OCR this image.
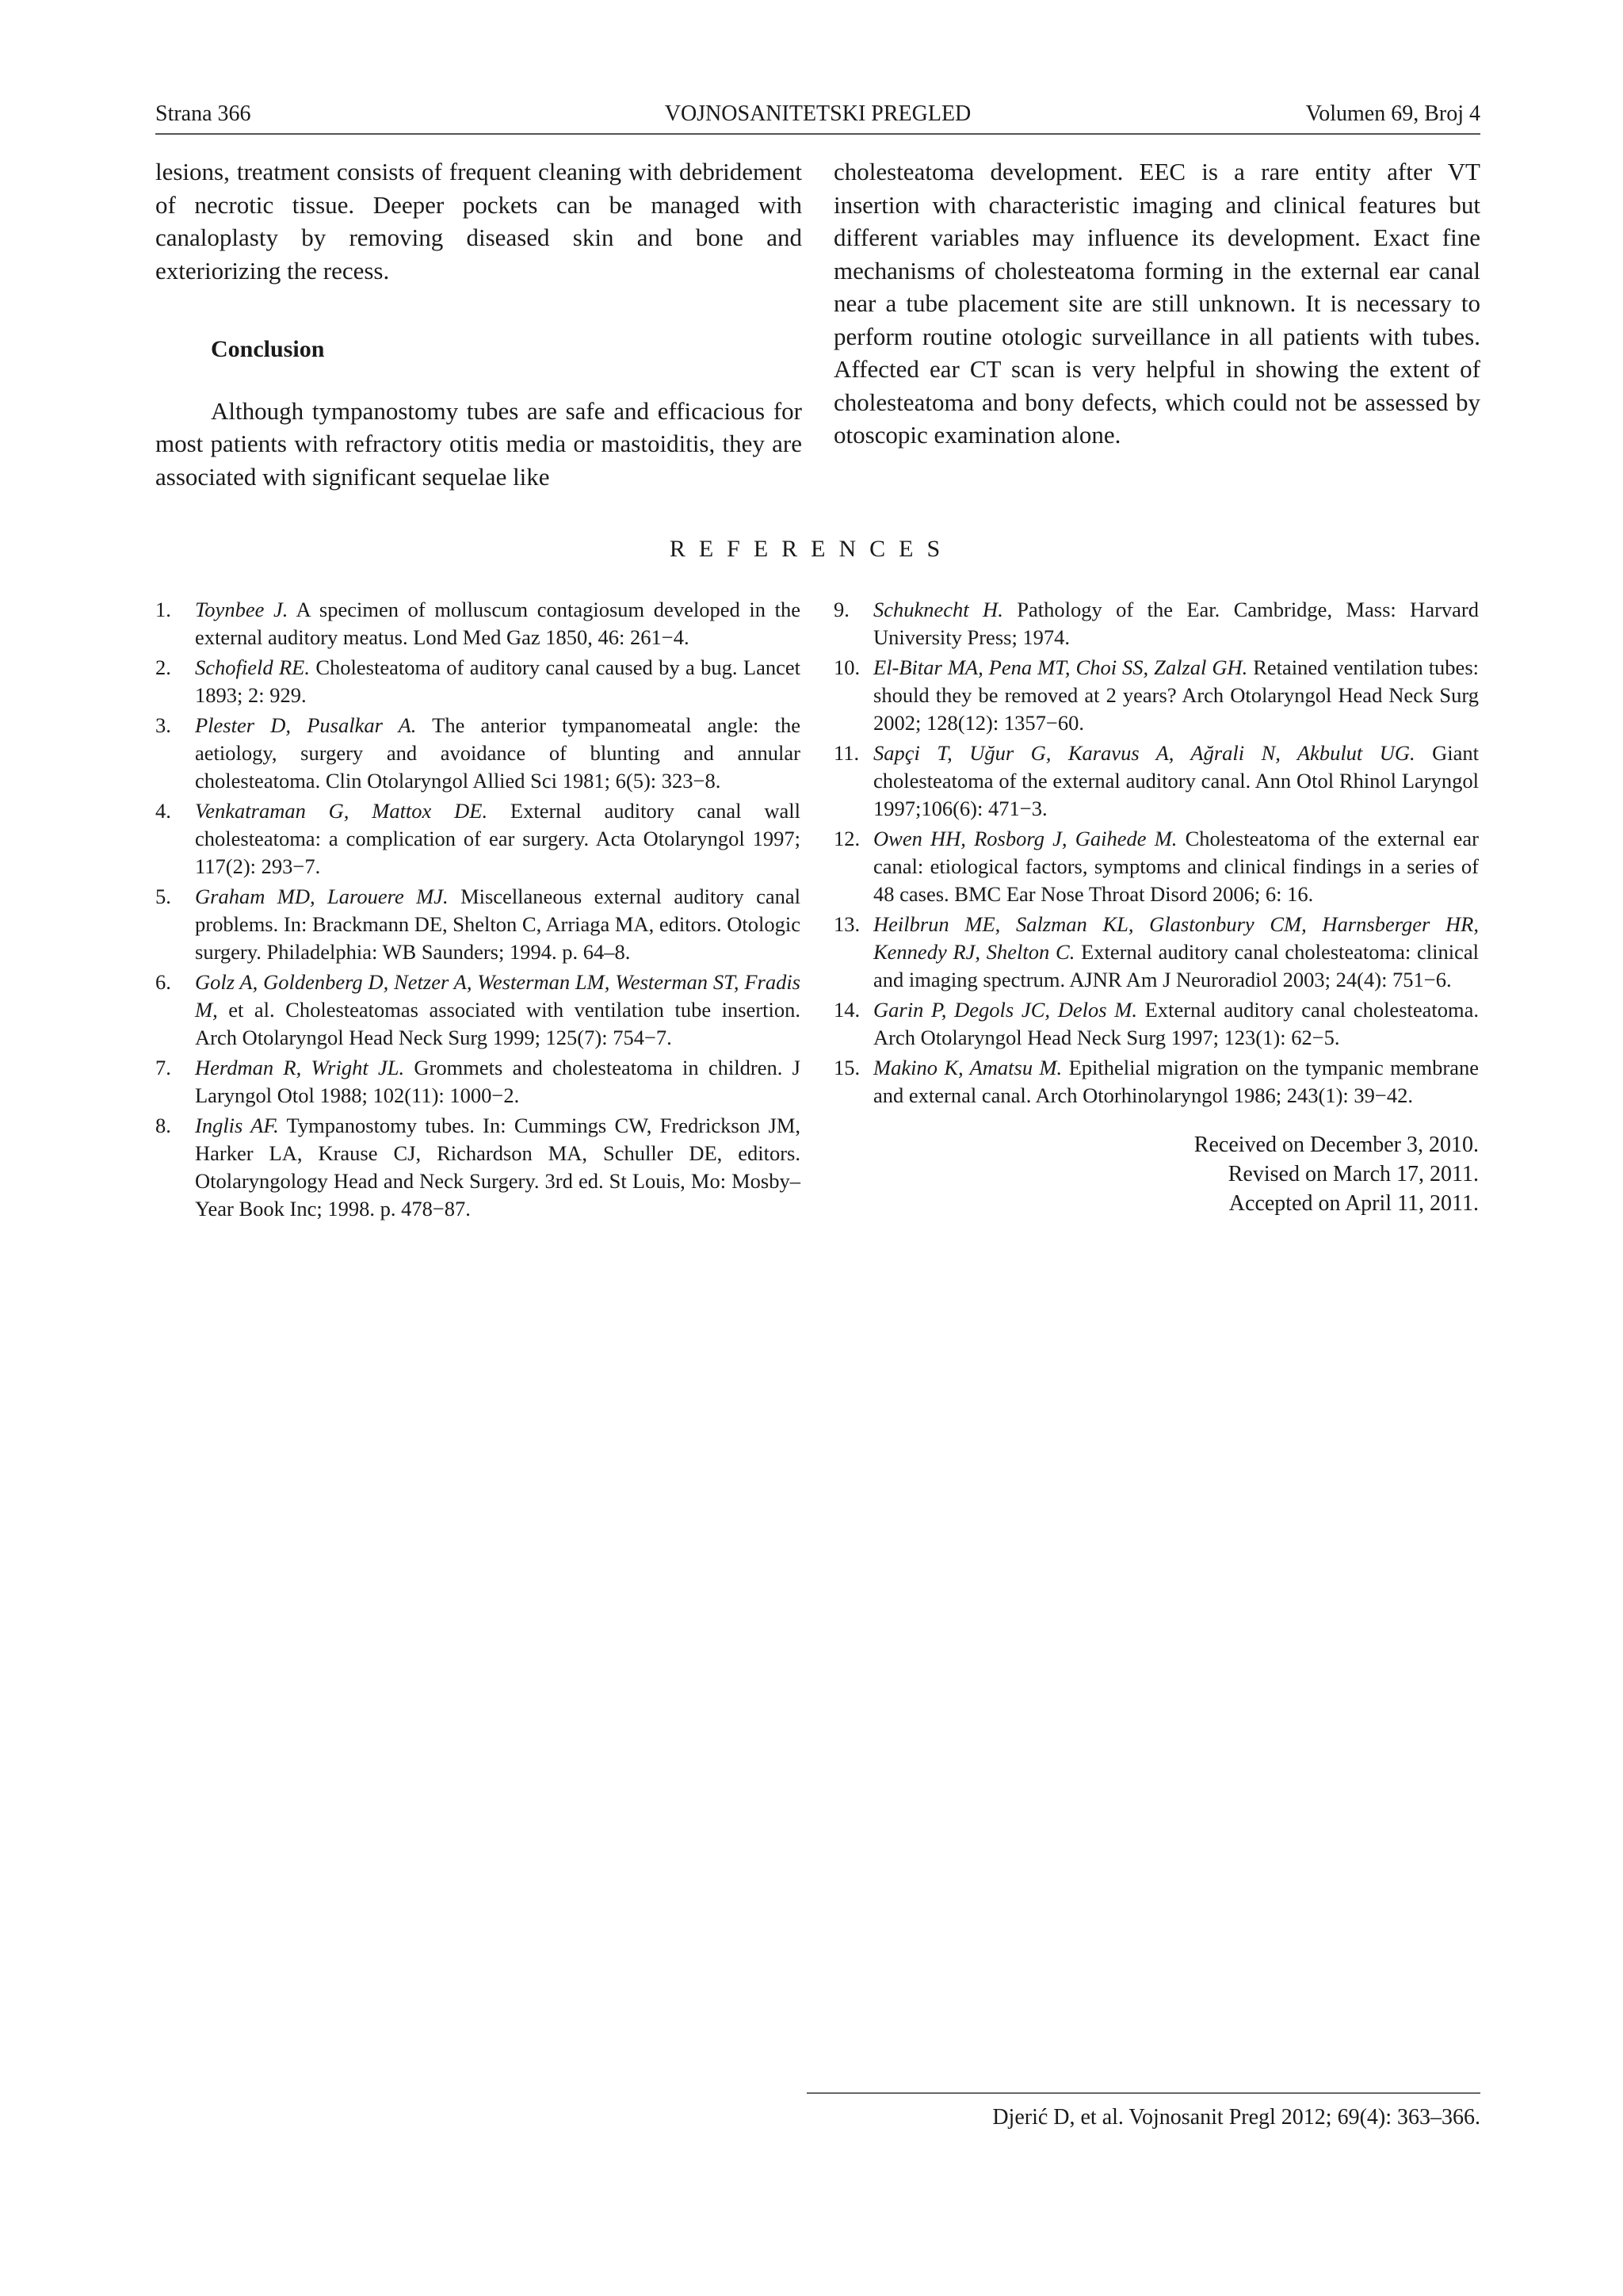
Strana 366	VOJNOSANITETSKI PREGLED	Volumen 69, Broj 4

lesions, treatment consists of frequent cleaning with debridement of necrotic tissue. Deeper pockets can be managed with canaloplasty by removing diseased skin and bone and exteriorizing the recess.

Conclusion

Although tympanostomy tubes are safe and efficacious for most patients with refractory otitis media or mastoiditis, they are associated with significant sequelae like

cholesteatoma development. EEC is a rare entity after VT insertion with characteristic imaging and clinical features but different variables may influence its development. Exact fine mechanisms of cholesteatoma forming in the external ear canal near a tube placement site are still unknown. It is necessary to perform routine otologic surveillance in all patients with tubes. Affected ear CT scan is very helpful in showing the extent of cholesteatoma and bony defects, which could not be assessed by otoscopic examination alone.

REFERENCES
1. Toynbee J. A specimen of molluscum contagiosum developed in the external auditory meatus. Lond Med Gaz 1850, 46: 261−4.
2. Schofield RE. Cholesteatoma of auditory canal caused by a bug. Lancet 1893; 2: 929.
3. Plester D, Pusalkar A. The anterior tympanomeatal angle: the aetiology, surgery and avoidance of blunting and annular cholesteatoma. Clin Otolaryngol Allied Sci 1981; 6(5): 323−8.
4. Venkatraman G, Mattox DE. External auditory canal wall cholesteatoma: a complication of ear surgery. Acta Otolaryngol 1997; 117(2): 293−7.
5. Graham MD, Larouere MJ. Miscellaneous external auditory canal problems. In: Brackmann DE, Shelton C, Arriaga MA, editors. Otologic surgery. Philadelphia: WB Saunders; 1994. p. 64–8.
6. Golz A, Goldenberg D, Netzer A, Westerman LM, Westerman ST, Fradis M, et al. Cholesteatomas associated with ventilation tube insertion. Arch Otolaryngol Head Neck Surg 1999; 125(7): 754−7.
7. Herdman R, Wright JL. Grommets and cholesteatoma in children. J Laryngol Otol 1988; 102(11): 1000−2.
8. Inglis AF. Tympanostomy tubes. In: Cummings CW, Fredrickson JM, Harker LA, Krause CJ, Richardson MA, Schuller DE, editors. Otolaryngology Head and Neck Surgery. 3rd ed. St Louis, Mo: Mosby–Year Book Inc; 1998. p. 478−87.
9. Schuknecht H. Pathology of the Ear. Cambridge, Mass: Harvard University Press; 1974.
10. El-Bitar MA, Pena MT, Choi SS, Zalzal GH. Retained ventilation tubes: should they be removed at 2 years? Arch Otolaryngol Head Neck Surg 2002; 128(12): 1357−60.
11. Sapçi T, Uğur G, Karavus A, Ağrali N, Akbulut UG. Giant cholesteatoma of the external auditory canal. Ann Otol Rhinol Laryngol 1997;106(6): 471−3.
12. Owen HH, Rosborg J, Gaihede M. Cholesteatoma of the external ear canal: etiological factors, symptoms and clinical findings in a series of 48 cases. BMC Ear Nose Throat Disord 2006; 6: 16.
13. Heilbrun ME, Salzman KL, Glastonbury CM, Harnsberger HR, Kennedy RJ, Shelton C. External auditory canal cholesteatoma: clinical and imaging spectrum. AJNR Am J Neuroradiol 2003; 24(4): 751−6.
14. Garin P, Degols JC, Delos M. External auditory canal cholesteatoma. Arch Otolaryngol Head Neck Surg 1997; 123(1): 62−5.
15. Makino K, Amatsu M. Epithelial migration on the tympanic membrane and external canal. Arch Otorhinolaryngol 1986; 243(1): 39−42.
Received on December 3, 2010.
Revised on March 17, 2011.
Accepted on April 11, 2011.
Djerić D, et al. Vojnosanit Pregl 2012; 69(4): 363–366.
